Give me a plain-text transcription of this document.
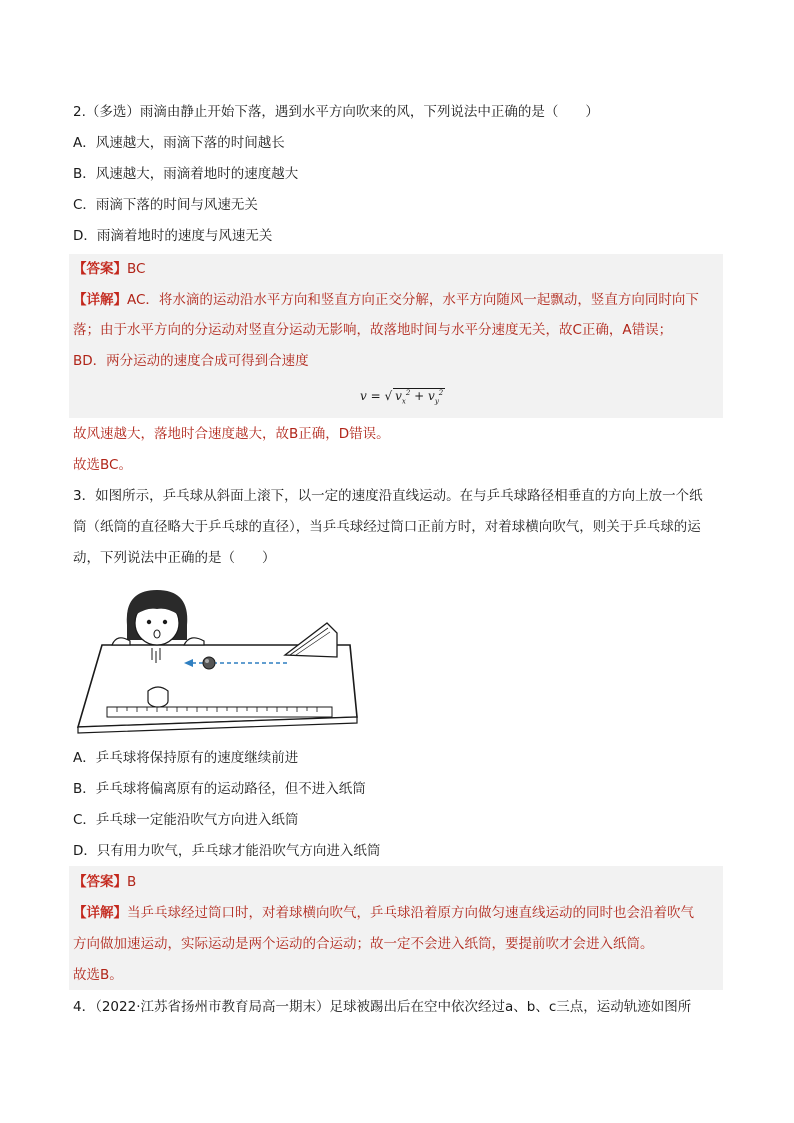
2.（多选）雨滴由静止开始下落，遇到水平方向吹来的风，下列说法中正确的是（　　）
A．风速越大，雨滴下落的时间越长
B．风速越大，雨滴着地时的速度越大
C．雨滴下落的时间与风速无关
D．雨滴着地时的速度与风速无关
【答案】BC
【详解】AC．将水滴的运动沿水平方向和竖直方向正交分解，水平方向随风一起飘动，竖直方向同时向下
落；由于水平方向的分运动对竖直分运动无影响，故落地时间与水平分速度无关，故C正确，A错误；
BD．两分运动的速度合成可得到合速度
v = √ $v_x^2 + v_y^2$
故风速越大，落地时合速度越大，故B正确，D错误。
故选BC。
3．如图所示，乒乓球从斜面上滚下，以一定的速度沿直线运动。在与乒乓球路径相垂直的方向上放一个纸
筒（纸筒的直径略大于乒乓球的直径），当乒乓球经过筒口正前方时，对着球横向吹气，则关于乒乓球的运
动，下列说法中正确的是（　　）
A．乒乓球将保持原有的速度继续前进
B．乒乓球将偏离原有的运动路径，但不进入纸筒
C．乒乓球一定能沿吹气方向进入纸筒
D．只有用力吹气，乒乓球才能沿吹气方向进入纸筒
【答案】B
【详解】当乒乓球经过筒口时，对着球横向吹气，乒乓球沿着原方向做匀速直线运动的同时也会沿着吹气
方向做加速运动，实际运动是两个运动的合运动；故一定不会进入纸筒，要提前吹才会进入纸筒。
故选B。
4．（2022·江苏省扬州市教育局高一期末）足球被踢出后在空中依次经过a、b、c三点，运动轨迹如图所
